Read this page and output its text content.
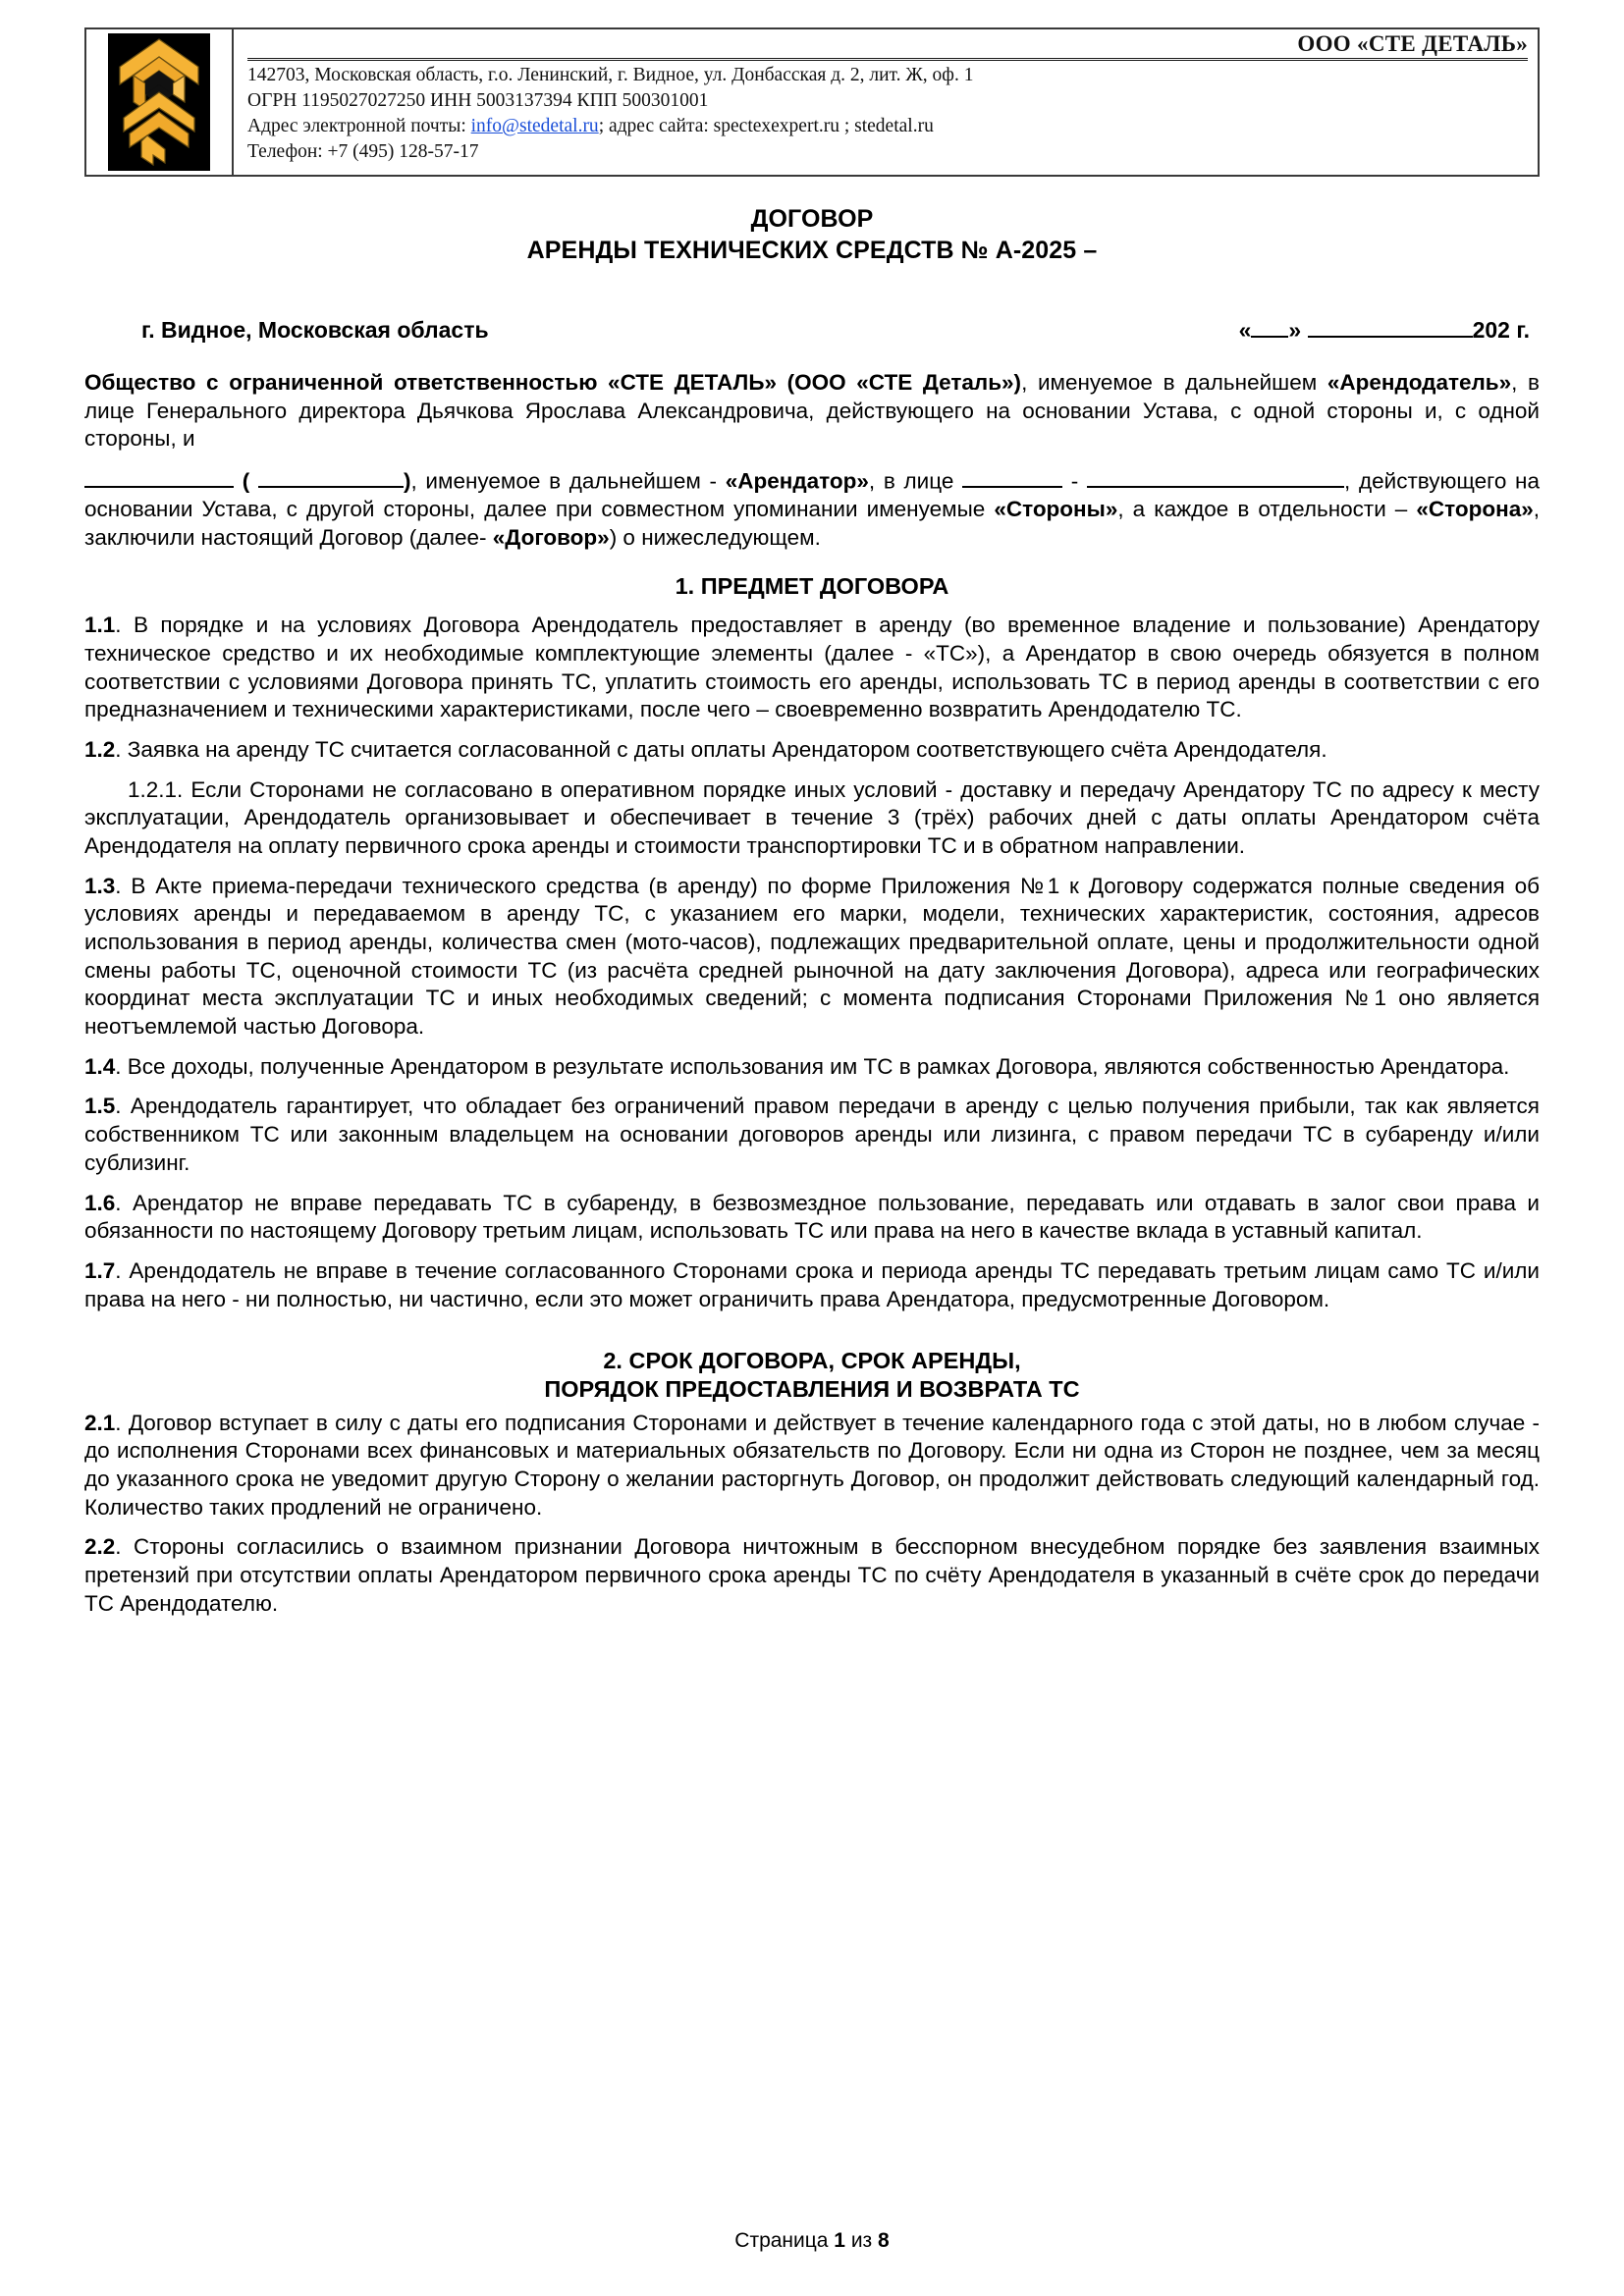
ООО «СТЕ ДЕТАЛЬ»
142703, Московская область, г.о. Ленинский, г. Видное, ул. Донбасская д. 2, лит. Ж, оф. 1
ОГРН 1195027027250 ИНН 5003137394 КПП 500301001
Адрес электронной почты: info@stedetal.ru; адрес сайта: spectexexpert.ru ; stedetal.ru
Телефон: +7 (495) 128-57-17
ДОГОВОР
АРЕНДЫ ТЕХНИЧЕСКИХ СРЕДСТВ № А-2025 –
г. Видное, Московская область	« »	202 г.

Общество с ограниченной ответственностью «СТЕ ДЕТАЛЬ» (ООО «СТЕ Деталь»), именуемое в дальнейшем «Арендодатель», в лице Генерального директора Дьячкова Ярослава Александровича, действующего на основании Устава, с одной стороны и, с одной стороны, и

(	), именуемое в дальнейшем - «Арендатор», в лице	-	, действующего на основании Устава, с другой стороны, далее при совместном упоминании именуемые «Стороны», а каждое в отдельности – «Сторона», заключили настоящий Договор (далее- «Договор») о нижеследующем.

1. ПРЕДМЕТ ДОГОВОРА

1.1. В порядке и на условиях Договора Арендодатель предоставляет в аренду (во временное владение и пользование) Арендатору техническое средство и их необходимые комплектующие элементы (далее - «ТС»), а Арендатор в свою очередь обязуется в полном соответствии с условиями Договора принять ТС, уплатить стоимость его аренды, использовать ТС в период аренды в соответствии с его предназначением и техническими характеристиками, после чего – своевременно возвратить Арендодателю ТС.

1.2. Заявка на аренду ТС считается согласованной с даты оплаты Арендатором соответствующего счёта Арендодателя.

1.2.1. Если Сторонами не согласовано в оперативном порядке иных условий - доставку и передачу Арендатору ТС по адресу к месту эксплуатации, Арендодатель организовывает и обеспечивает в течение 3 (трёх) рабочих дней с даты оплаты Арендатором счёта Арендодателя на оплату первичного срока аренды и стоимости транспортировки ТС и в обратном направлении.

1.3. В Акте приема-передачи технического средства (в аренду) по форме Приложения №1 к Договору содержатся полные сведения об условиях аренды и передаваемом в аренду ТС, с указанием его марки, модели, технических характеристик, состояния, адресов использования в период аренды, количества смен (мото-часов), подлежащих предварительной оплате, цены и продолжительности одной смены работы ТС, оценочной стоимости ТС (из расчёта средней рыночной на дату заключения Договора), адреса или географических координат места эксплуатации ТС и иных необходимых сведений; с момента подписания Сторонами Приложения №1 оно является неотъемлемой частью Договора.

1.4. Все доходы, полученные Арендатором в результате использования им ТС в рамках Договора, являются собственностью Арендатора.

1.5. Арендодатель гарантирует, что обладает без ограничений правом передачи в аренду с целью получения прибыли, так как является собственником ТС или законным владельцем на основании договоров аренды или лизинга, с правом передачи ТС в субаренду и/или сублизинг.

1.6. Арендатор не вправе передавать ТС в субаренду, в безвозмездное пользование, передавать или отдавать в залог свои права и обязанности по настоящему Договору третьим лицам, использовать ТС или права на него в качестве вклада в уставный капитал.

1.7. Арендодатель не вправе в течение согласованного Сторонами срока и периода аренды ТС передавать третьим лицам само ТС и/или права на него - ни полностью, ни частично, если это может ограничить права Арендатора, предусмотренные Договором.

2. СРОК ДОГОВОРА, СРОК АРЕНДЫ,
ПОРЯДОК ПРЕДОСТАВЛЕНИЯ И ВОЗВРАТА ТС

2.1. Договор вступает в силу с даты его подписания Сторонами и действует в течение календарного года с этой даты, но в любом случае - до исполнения Сторонами всех финансовых и материальных обязательств по Договору. Если ни одна из Сторон не позднее, чем за месяц до указанного срока не уведомит другую Сторону о желании расторгнуть Договор, он продолжит действовать следующий календарный год. Количество таких продлений не ограничено.

2.2. Стороны согласились о взаимном признании Договора ничтожным в бесспорном внесудебном порядке без заявления взаимных претензий при отсутствии оплаты Арендатором первичного срока аренды ТС по счёту Арендодателя в указанный в счёте срок до передачи ТС Арендодателю.

Страница 1 из 8
